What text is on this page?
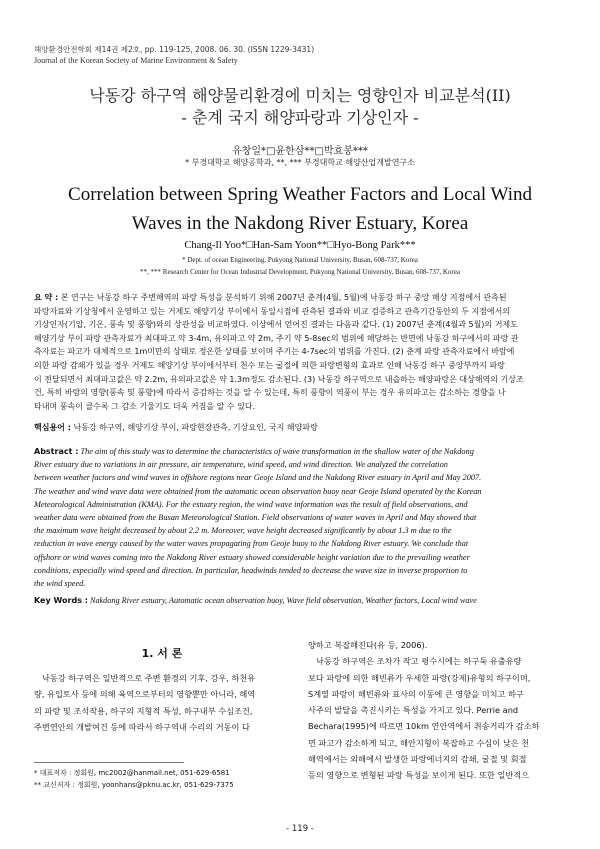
해양환경안전학회 제14권 제2호, pp. 119-125, 2008. 06. 30. (ISSN 1229-3431)
Journal of the Korean Society of Marine Environment & Safety
낙동강 하구역 해양물리환경에 미치는 영향인자 비교분석(II)
- 춘계 국지 해양파랑과 기상인자 -
유창일*□윤한삼**□박효봉***
* 부경대학교 해양공학과, **, *** 부경대학교 해양산업개발연구소
Correlation between Spring Weather Factors and Local Wind
Waves in the Nakdong River Estuary, Korea
Chang-Il Yoo*□Han-Sam Yoon**□Hyo-Bong Park***
* Dept. of ocean Engineering, Pukyong National University, Busan, 608-737, Korea
**, *** Research Center for Ocean Industrial Development, Pukyong National University, Busan, 608-737, Korea
요 약 : 본 연구는 낙동강 하구 주변해역의 파랑 특성을 분석하기 위해 2007년 춘계(4월, 5월)에 낙동강 하구 중앙 해상 지점에서 관측된
파랑자료와 기상청에서 운영하고 있는 거제도 해양기상 부이에서 동일시점에 관측된 결과와 비교 검증하고 관측기간동안의 두 지점에서의
기상인자(기압, 기온, 풍속 및 풍향)와의 상관성을 비교하였다. 이상에서 얻어진 결과는 다음과 같다. (1) 2007년 춘계(4월과 5월)의 거제도
해양기상 부이 파랑 관측자료가 최대파고 약 3-4m, 유의파고 약 2m, 주기 약 5-8sec의 범위에 해당하는 반면에 낙동강 하구에서의 파랑 관
측자료는 파고가 대체적으로 1m미만의 상태로 정온한 상태를 보이며 주기는 4-7sec의 범위를 가진다. (2) 춘계 파랑 관측자료에서 바람에
의한 파랑 감쇄가 있을 경우 거제도 해양기상 부이에서부터 천수 또는 굴절에 의한 파랑변형의 효과로 인해 낙동강 하구 중앙부까지 파랑
이 전달되면서 최대파고값은 약 2.2m, 유의파고값은 약 1.3m정도 감소된다. (3) 낙동강 하구역으로 내습하는 해양파랑은 대상해역의 기상조
건, 특히 바람의 영향(풍속 및 풍향)에 따라서 증감하는 것을 알 수 있는데, 특히 풍향이 역풍이 부는 경우 유의파고는 감소하는 경향을 나
타내며 풍속이 클수록 그 감소 기울기도 더욱 커짐을 알 수 있다.
핵심용어 : 낙동강 하구역, 해양기상 부이, 파랑현장관측, 기상요인, 국지 해양파랑
Abstract : The aim of this study was to determine the characteristics of wave transformation in the shallow water of the Nakdong
River estuary due to variations in air pressure, air temperature, wind speed, and wind direction. We analyzed the correlation
between weather factors and wind waves in offshore regions near Geoje Island and the Nakdong River estuary in April and May 2007.
The weather and wind wave data were obtained from the automatic ocean observation buoy near Geoje Island operated by the Korean
Meteorological Administration (KMA). For the estuary region, the wind wave information was the result of field observations, and
weather data were obtained from the Busan Meteorological Station. Field observations of water waves in April and May showed that
the maximum wave height decreased by about 2.2 m. Moreover, wave height decreased significantly by about 1.3 m due to the
reduction in wave energy caused by the water waves propagating from Geoje buoy to the Nakdong River estuary. We conclude that
offshore or wind waves coming into the Nakdong River estuary showed considerable height variation due to the prevailing weather
conditions, especially wind speed and direction. In particular, headwinds tended to decrease the wave size in inverse proportion to
the wind speed.
Key Words : Nakdong River estuary, Automatic ocean observation buoy, Wave field observation, Weather factors, Local wind wave
1. 서 론
낙동강 하구역은 일반적으로 주변 환경의 기후, 강우, 하천유
량, 유입토사 등에 의해 육역으로부터의 영향뿐만 아니라, 해역
의 파랑 및 조석작용, 하구의 지형적 특성, 하구내부 수심조건,
주변연안의 개발여건 등에 따라서 하구역내 수리의 거동이 다
* 대표저자 : 정회원, mc2002@hanmail.net, 051-629-6581
** 교신저자 : 정회원, yoonhans@pknu.ac.kr, 051-629-7375
양하고 복잡해진다(유 등, 2006).
낙동강 하구역은 조차가 작고 평수시에는 하구둑 유출유량
보다 파랑에 의한 해빈류가 우세한 파랑(강제)유형의 하구이며,
S계열 파랑이 해빈류와 표사의 이동에 큰 영향을 미치고 하구
사주의 발달을 촉진시키는 특성을 가지고 있다. Perrie and
Bechara(1995)에 따르면 10km 연안역에서 취송거리가 감소하
면 파고가 감소하게 되고, 해안지형이 복잡하고 수심이 낮은 천
해역에서는 외해에서 발생한 파랑에너지의 감쇄, 굴절 및 회절
등의 영향으로 변형된 파랑 특성을 보이게 된다. 또한 일반적으
- 119 -
